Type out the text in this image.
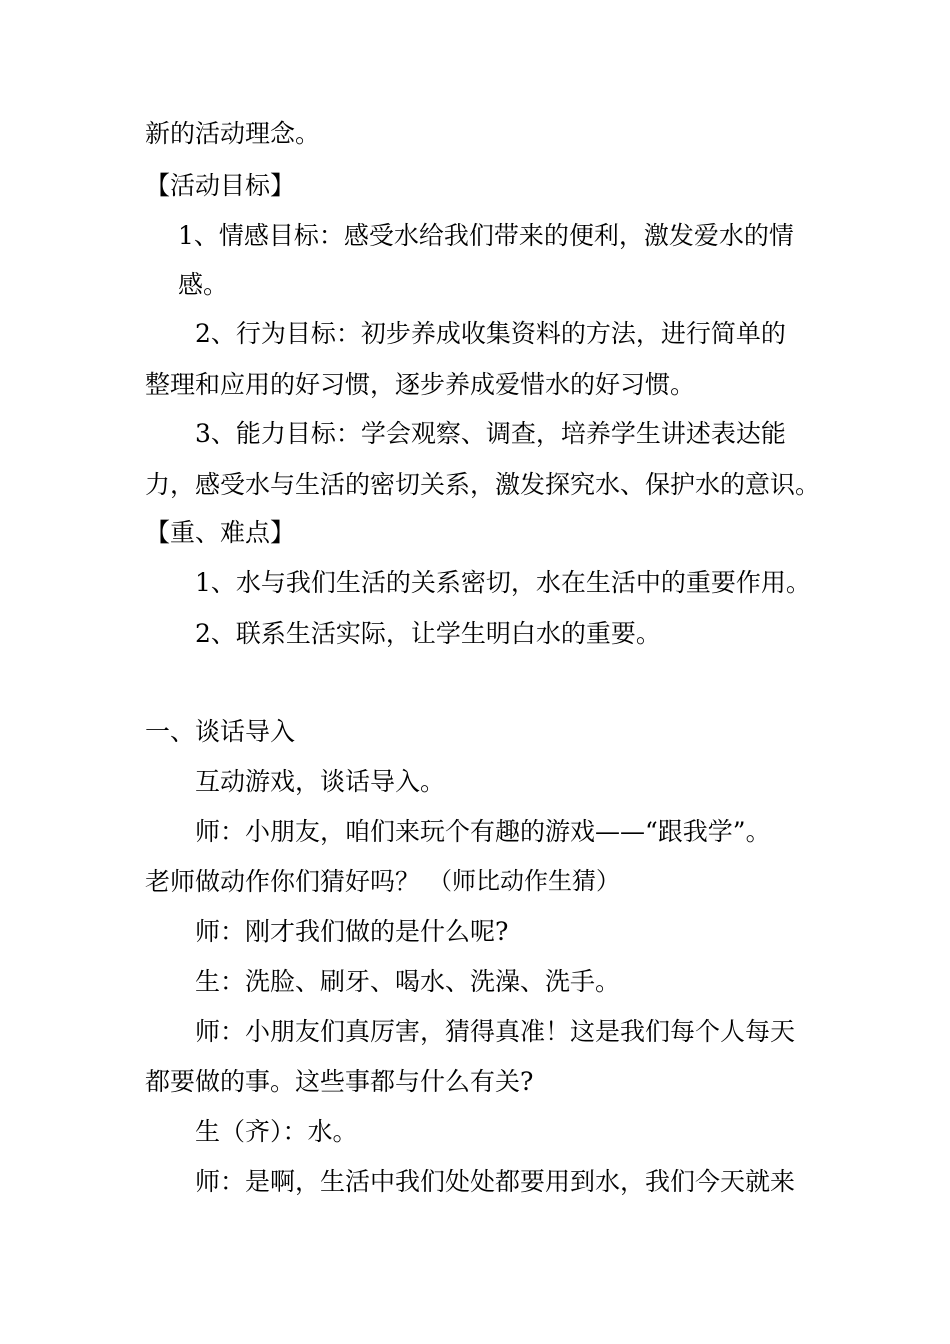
新的活动理念。

【活动目标】

1、情感目标：感受水给我们带来的便利，激发爱水的情

感。

2、行为目标：初步养成收集资料的方法，进行简单的

整理和应用的好习惯，逐步养成爱惜水的好习惯。

3、能力目标：学会观察、调查，培养学生讲述表达能

力，感受水与生活的密切关系，激发探究水、保护水的意识。

【重、难点】

1、水与我们生活的关系密切，水在生活中的重要作用。

2、联系生活实际，让学生明白水的重要。

一、谈话导入

互动游戏，谈话导入。

师：小朋友，咱们来玩个有趣的游戏——“跟我学”。

老师做动作你们猜好吗？ （师比动作生猜）

师：刚才我们做的是什么呢?

生：洗脸、刷牙、喝水、洗澡、洗手。

师：小朋友们真厉害，猜得真准！这是我们每个人每天

都要做的事。这些事都与什么有关?

生（齐）：水。

师：是啊，生活中我们处处都要用到水，我们今天就来
